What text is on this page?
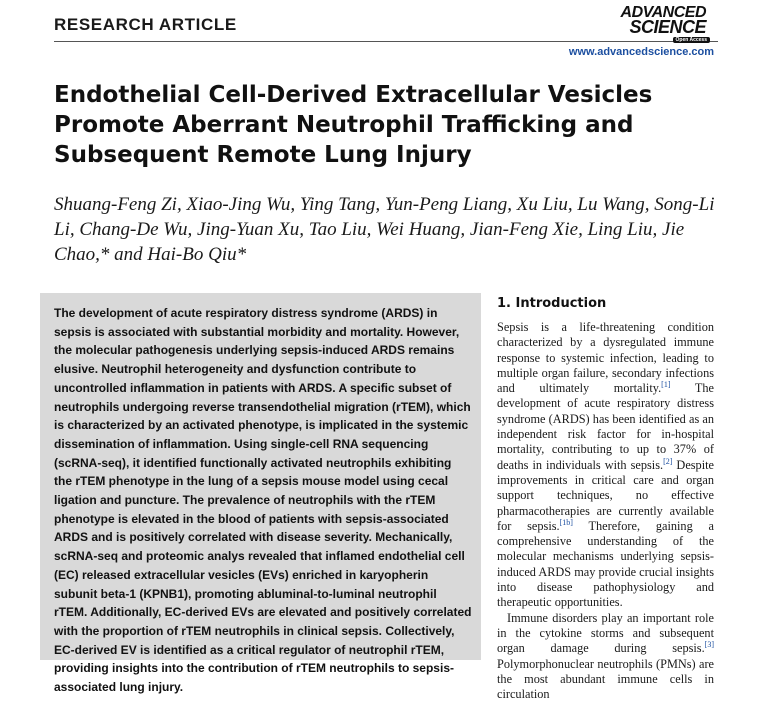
RESEARCH ARTICLE
ADVANCED
SCIENCE
Open Access
www.advancedscience.com
Endothelial Cell-Derived Extracellular Vesicles Promote Aberrant Neutrophil Trafficking and Subsequent Remote Lung Injury

Shuang-Feng Zi, Xiao-Jing Wu, Ying Tang, Yun-Peng Liang, Xu Liu, Lu Wang, Song-Li Li, Chang-De Wu, Jing-Yuan Xu, Tao Liu, Wei Huang, Jian-Feng Xie, Ling Liu, Jie Chao,* and Hai-Bo Qiu*

The development of acute respiratory distress syndrome (ARDS) in sepsis is associated with substantial morbidity and mortality. However, the molecular pathogenesis underlying sepsis-induced ARDS remains elusive. Neutrophil heterogeneity and dysfunction contribute to uncontrolled inflammation in patients with ARDS. A specific subset of neutrophils undergoing reverse transendothelial migration (rTEM), which is characterized by an activated phenotype, is implicated in the systemic dissemination of inflammation. Using single-cell RNA sequencing (scRNA-seq), it identified functionally activated neutrophils exhibiting the rTEM phenotype in the lung of a sepsis mouse model using cecal ligation and puncture. The prevalence of neutrophils with the rTEM phenotype is elevated in the blood of patients with sepsis-associated ARDS and is positively correlated with disease severity. Mechanically, scRNA-seq and proteomic analys revealed that inflamed endothelial cell (EC) released extracellular vesicles (EVs) enriched in karyopherin subunit beta-1 (KPNB1), promoting abluminal-to-luminal neutrophil rTEM. Additionally, EC-derived EVs are elevated and positively correlated with the proportion of rTEM neutrophils in clinical sepsis. Collectively, EC-derived EV is identified as a critical regulator of neutrophil rTEM, providing insights into the contribution of rTEM neutrophils to sepsis-associated lung injury.

1. Introduction

Sepsis is a life-threatening condition characterized by a dysregulated immune response to systemic infection, leading to multiple organ failure, secondary infections and ultimately mortality.[1] The development of acute respiratory distress syndrome (ARDS) has been identified as an independent risk factor for in-hospital mortality, contributing to up to 37% of deaths in individuals with sepsis.[2] Despite improvements in critical care and organ support techniques, no effective pharmacotherapies are currently available for sepsis.[1b] Therefore, gaining a comprehensive understanding of the molecular mechanisms underlying sepsis-induced ARDS may provide crucial insights into disease pathophysiology and therapeutic opportunities.

Immune disorders play an important role in the cytokine storms and subsequent organ damage during sepsis.[3] Polymorphonuclear neutrophils (PMNs) are the most abundant immune cells in circulation
